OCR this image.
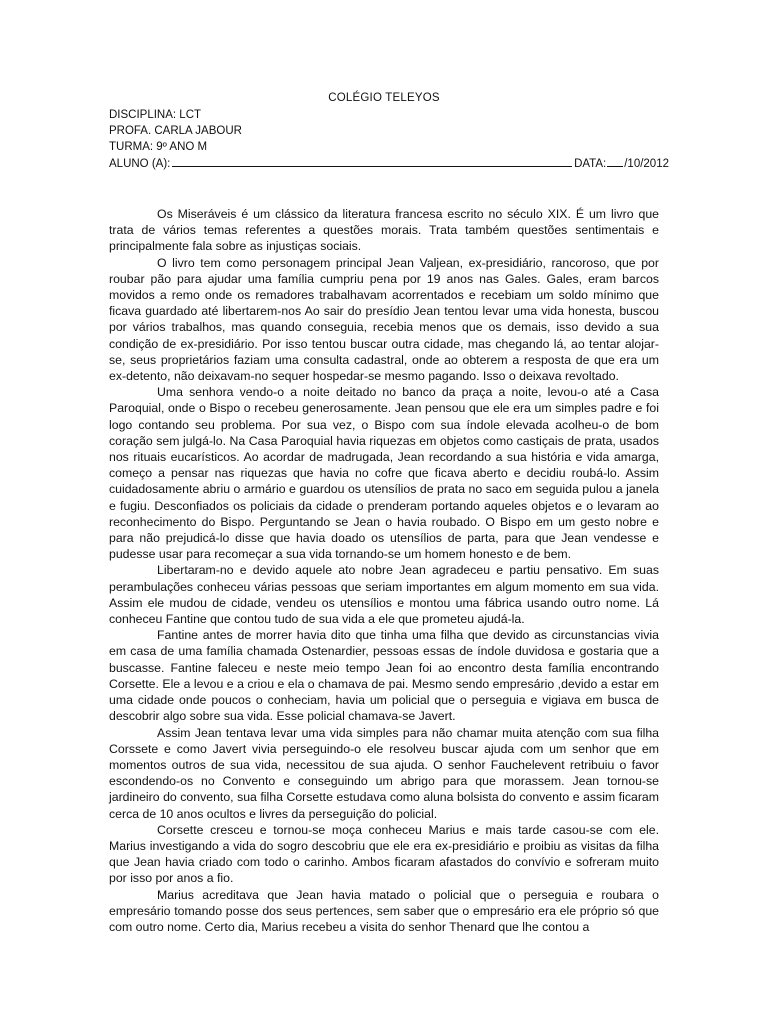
COLÉGIO TELEYOS
DISCIPLINA: LCT
PROFA. CARLA JABOUR
TURMA: 9º ANO M
ALUNO (A):	DATA: /10/2012

Os Miseráveis é um clássico da literatura francesa escrito no século XIX. É um livro que trata de vários temas referentes a questões morais. Trata também questões sentimentais e principalmente fala sobre as injustiças sociais.

O livro tem como personagem principal Jean Valjean, ex-presidiário, rancoroso, que por roubar pão para ajudar uma família cumpriu pena por 19 anos nas Gales. Gales, eram barcos movidos a remo onde os remadores trabalhavam acorrentados e recebiam um soldo mínimo que ficava guardado até libertarem-nos Ao sair do presídio Jean tentou levar uma vida honesta, buscou por vários trabalhos, mas quando conseguia, recebia menos que os demais, isso devido a sua condição de ex-presidiário. Por isso tentou buscar outra cidade, mas chegando lá, ao tentar alojar-se, seus proprietários faziam uma consulta cadastral, onde ao obterem a resposta de que era um ex-detento, não deixavam-no sequer hospedar-se mesmo pagando. Isso o deixava revoltado.

Uma senhora vendo-o a noite deitado no banco da praça a noite, levou-o até a Casa Paroquial, onde o Bispo o recebeu generosamente. Jean pensou que ele era um simples padre e foi logo contando seu problema. Por sua vez, o Bispo com sua índole elevada acolheu-o de bom coração sem julgá-lo. Na Casa Paroquial havia riquezas em objetos como castiçais de prata, usados nos rituais eucarísticos. Ao acordar de madrugada, Jean recordando a sua história e vida amarga, começo a pensar nas riquezas que havia no cofre que ficava aberto e decidiu roubá-lo. Assim cuidadosamente abriu o armário e guardou os utensílios de prata no saco em seguida pulou a janela e fugiu. Desconfiados os policiais da cidade o prenderam portando aqueles objetos e o levaram ao reconhecimento do Bispo. Perguntando se Jean o havia roubado. O Bispo em um gesto nobre e para não prejudicá-lo disse que havia doado os utensílios de parta, para que Jean vendesse e pudesse usar para recomeçar a sua vida tornando-se um homem honesto e de bem.

Libertaram-no e devido aquele ato nobre Jean agradeceu e partiu pensativo. Em suas perambulações conheceu várias pessoas que seriam importantes em algum momento em sua vida. Assim ele mudou de cidade, vendeu os utensílios e montou uma fábrica usando outro nome. Lá conheceu Fantine que contou tudo de sua vida a ele que prometeu ajudá-la.

Fantine antes de morrer havia dito que tinha uma filha que devido as circunstancias vivia em casa de uma família chamada Ostenardier, pessoas essas de índole duvidosa e gostaria que a buscasse. Fantine faleceu e neste meio tempo Jean foi ao encontro desta família encontrando Corsette. Ele a levou e a criou e ela o chamava de pai. Mesmo sendo empresário ,devido a estar em uma cidade onde poucos o conheciam, havia um policial que o perseguia e vigiava em busca de descobrir algo sobre sua vida. Esse policial chamava-se Javert.

Assim Jean tentava levar uma vida simples para não chamar muita atenção com sua filha Corssete e como Javert vivia perseguindo-o ele resolveu buscar ajuda com um senhor que em momentos outros de sua vida, necessitou de sua ajuda. O senhor Fauchelevent retribuiu o favor escondendo-os no Convento e conseguindo um abrigo para que morassem. Jean tornou-se jardineiro do convento, sua filha Corsette estudava como aluna bolsista do convento e assim ficaram cerca de 10 anos ocultos e livres da perseguição do policial.

Corsette cresceu e tornou-se moça conheceu Marius e mais tarde casou-se com ele. Marius investigando a vida do sogro descobriu que ele era ex-presidiário e proibiu as visitas da filha que Jean havia criado com todo o carinho. Ambos ficaram afastados do convívio e sofreram muito por isso por anos a fio.

Marius acreditava que Jean havia matado o policial que o perseguia e roubara o empresário tomando posse dos seus pertences, sem saber que o empresário era ele próprio só que com outro nome. Certo dia, Marius recebeu a visita do senhor Thenard que lhe contou a
